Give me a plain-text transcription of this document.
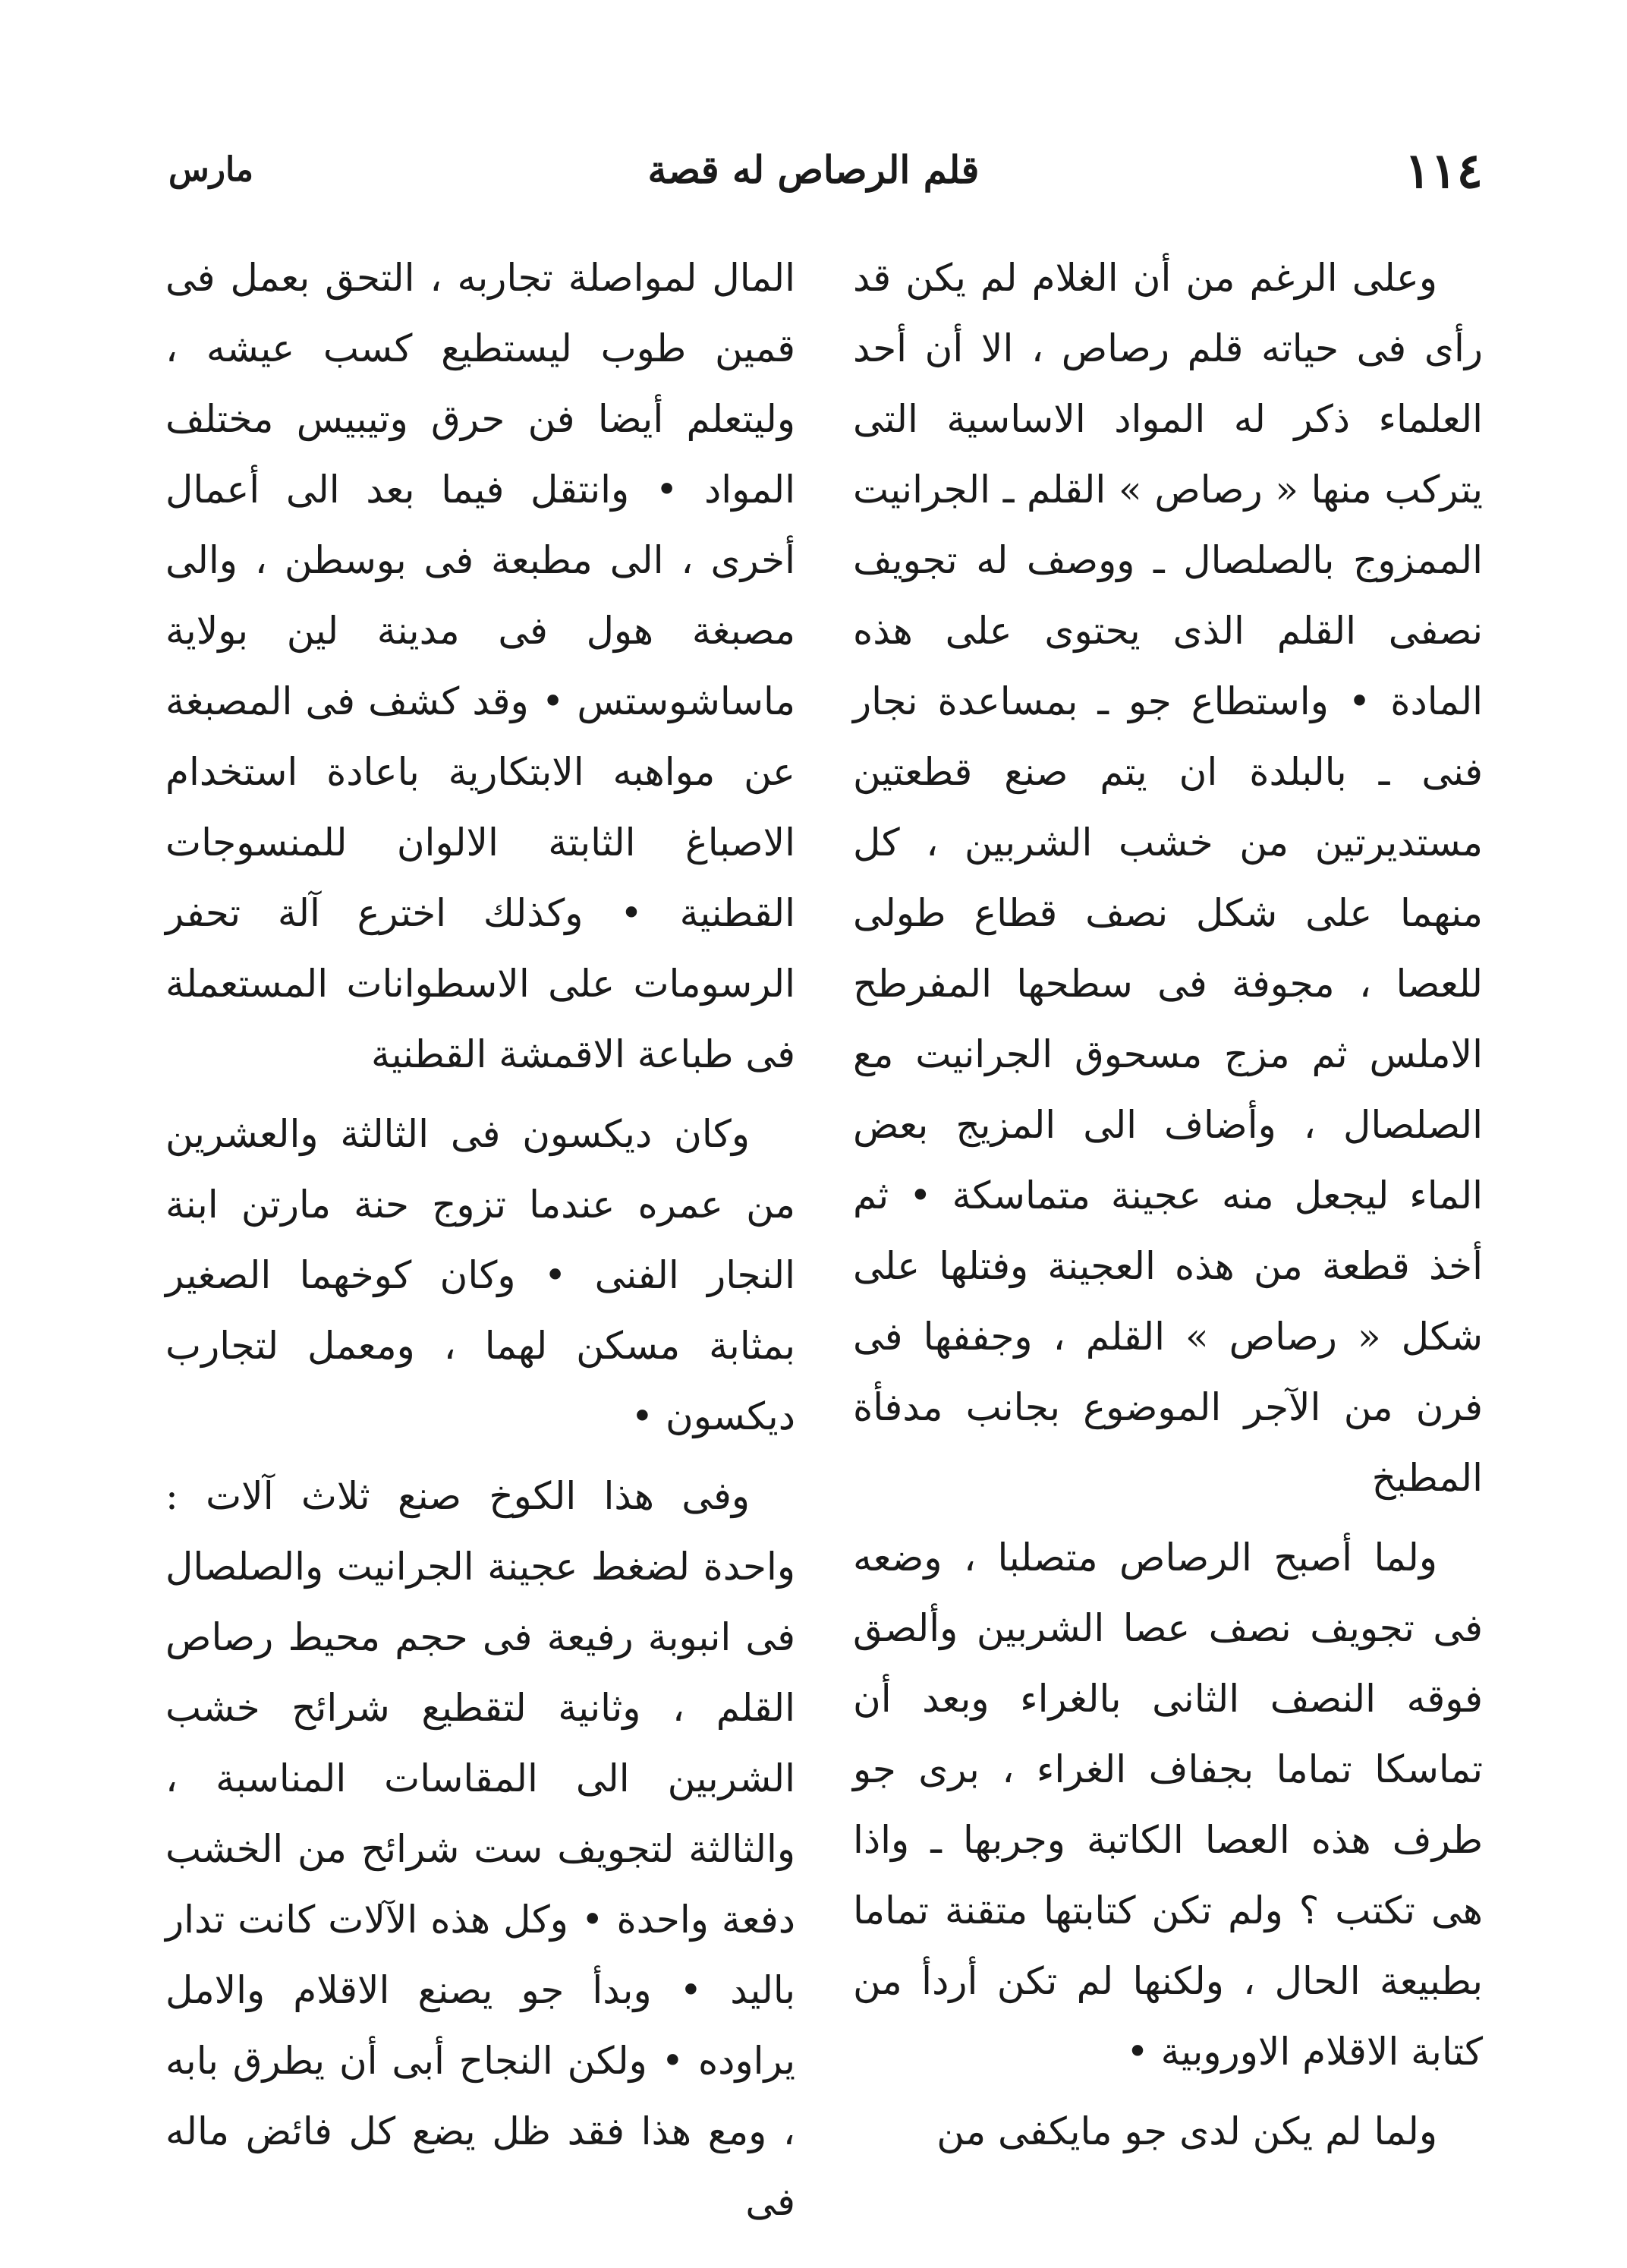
١١٤
قلم الرصاص له قصة
مارس

وعلى الرغم من أن الغلام لم يكن قد رأى فى حياته قلم رصاص ، الا أن أحد العلماء ذكر له المواد الاساسية التى يتركب منها « رصاص » القلم ـ الجرانيت الممزوج بالصلصال ـ ووصف له تجويف نصفى القلم الذى يحتوى على هذه المادة • واستطاع جو ـ بمساعدة نجار فنى ـ بالبلدة ان يتم صنع قطعتين مستديرتين من خشب الشربين ، كل منهما على شكل نصف قطاع طولى للعصا ، مجوفة فى سطحها المفرطح الاملس ثم مزج مسحوق الجرانيت مع الصلصال ، وأضاف الى المزيج بعض الماء ليجعل منه عجينة متماسكة • ثم أخذ قطعة من هذه العجينة وفتلها على شكل « رصاص » القلم ، وجففها فى فرن من الآجر الموضوع بجانب مدفأة المطبخ

ولما أصبح الرصاص متصلبا ، وضعه فى تجويف نصف عصا الشربين وألصق فوقه النصف الثانى بالغراء وبعد أن تماسكا تماما بجفاف الغراء ، برى جو طرف هذه العصا الكاتبة وجربها ـ واذا هى تكتب ؟ ولم تكن كتابتها متقنة تماما بطبيعة الحال ، ولكنها لم تكن أردأ من كتابة الاقلام الاوروبية •

ولما لم يكن لدى جو مايكفى من

المال لمواصلة تجاربه ، التحق بعمل فى قمين طوب ليستطيع كسب عيشه ، وليتعلم أيضا فن حرق وتيبيس مختلف المواد • وانتقل فيما بعد الى أعمال أخرى ، الى مطبعة فى بوسطن ، والى مصبغة هول فى مدينة لين بولاية ماساشوستس • وقد كشف فى المصبغة عن مواهبه الابتكارية باعادة استخدام الاصباغ الثابتة الالوان للمنسوجات القطنية • وكذلك اخترع آلة تحفر الرسومات على الاسطوانات المستعملة فى طباعة الاقمشة القطنية

وكان ديكسون فى الثالثة والعشرين من عمره عندما تزوج حنة مارتن ابنة النجار الفنى • وكان كوخهما الصغير بمثابة مسكن لهما ، ومعمل لتجارب ديكسون •

وفى هذا الكوخ صنع ثلاث آلات : واحدة لضغط عجينة الجرانيت والصلصال فى انبوبة رفيعة فى حجم محيط رصاص القلم ، وثانية لتقطيع شرائح خشب الشربين الى المقاسات المناسبة ، والثالثة لتجويف ست شرائح من الخشب دفعة واحدة • وكل هذه الآلات كانت تدار باليد • وبدأ جو يصنع الاقلام والامل يراوده • ولكن النجاح أبى أن يطرق بابه ، ومع هذا فقد ظل يضع كل فائض ماله فى
